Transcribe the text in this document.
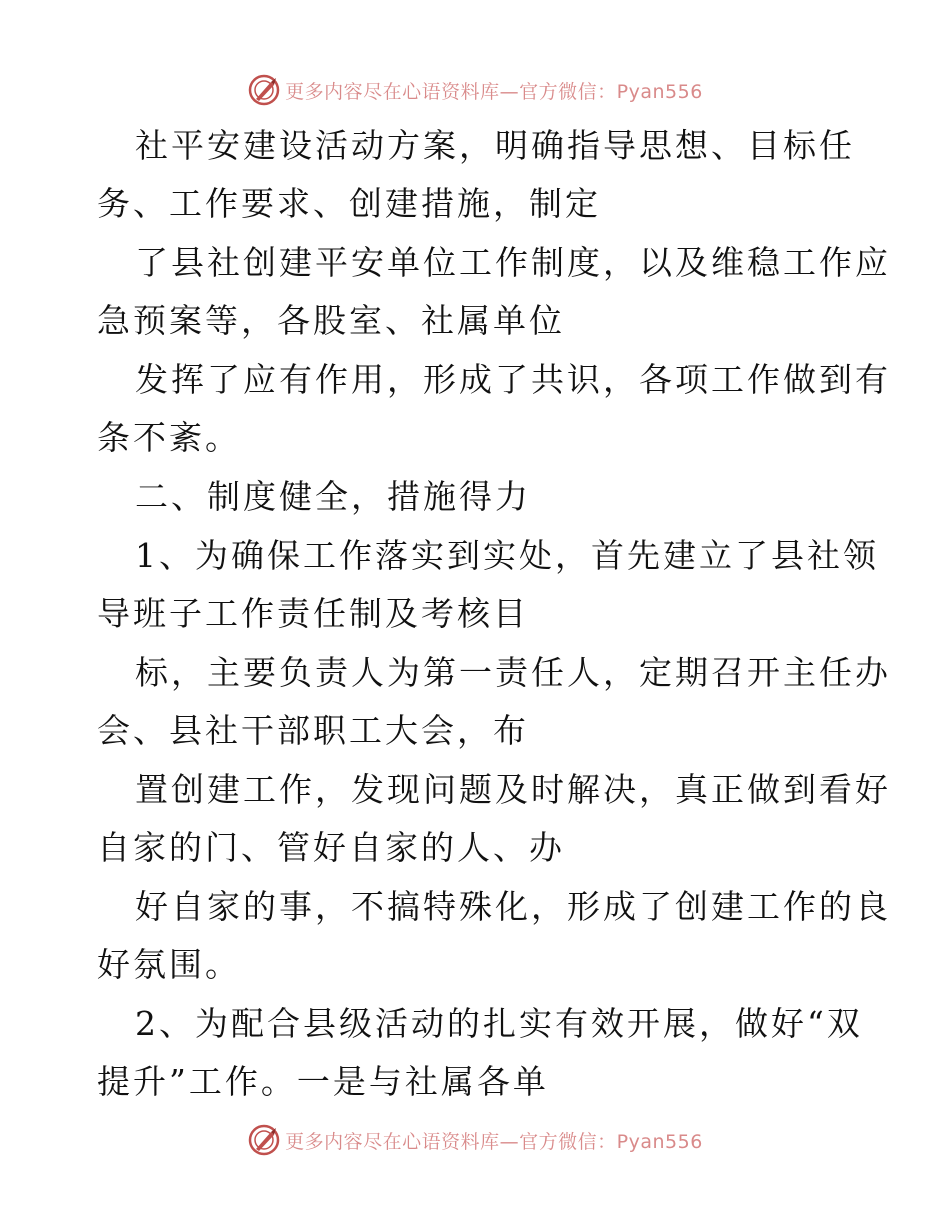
更多内容尽在心语资料库—官方微信：Pyan556
社平安建设活动方案，明确指导思想、目标任
务、工作要求、创建措施，制定
了县社创建平安单位工作制度，以及维稳工作应
急预案等，各股室、社属单位
发挥了应有作用，形成了共识，各项工作做到有
条不紊。
二、制度健全，措施得力
1、为确保工作落实到实处，首先建立了县社领
导班子工作责任制及考核目
标，主要负责人为第一责任人，定期召开主任办
会、县社干部职工大会，布
置创建工作，发现问题及时解决，真正做到看好
自家的门、管好自家的人、办
好自家的事，不搞特殊化，形成了创建工作的良
好氛围。
2、为配合县级活动的扎实有效开展，做好“双
提升”工作。一是与社属各单
更多内容尽在心语资料库—官方微信：Pyan556
